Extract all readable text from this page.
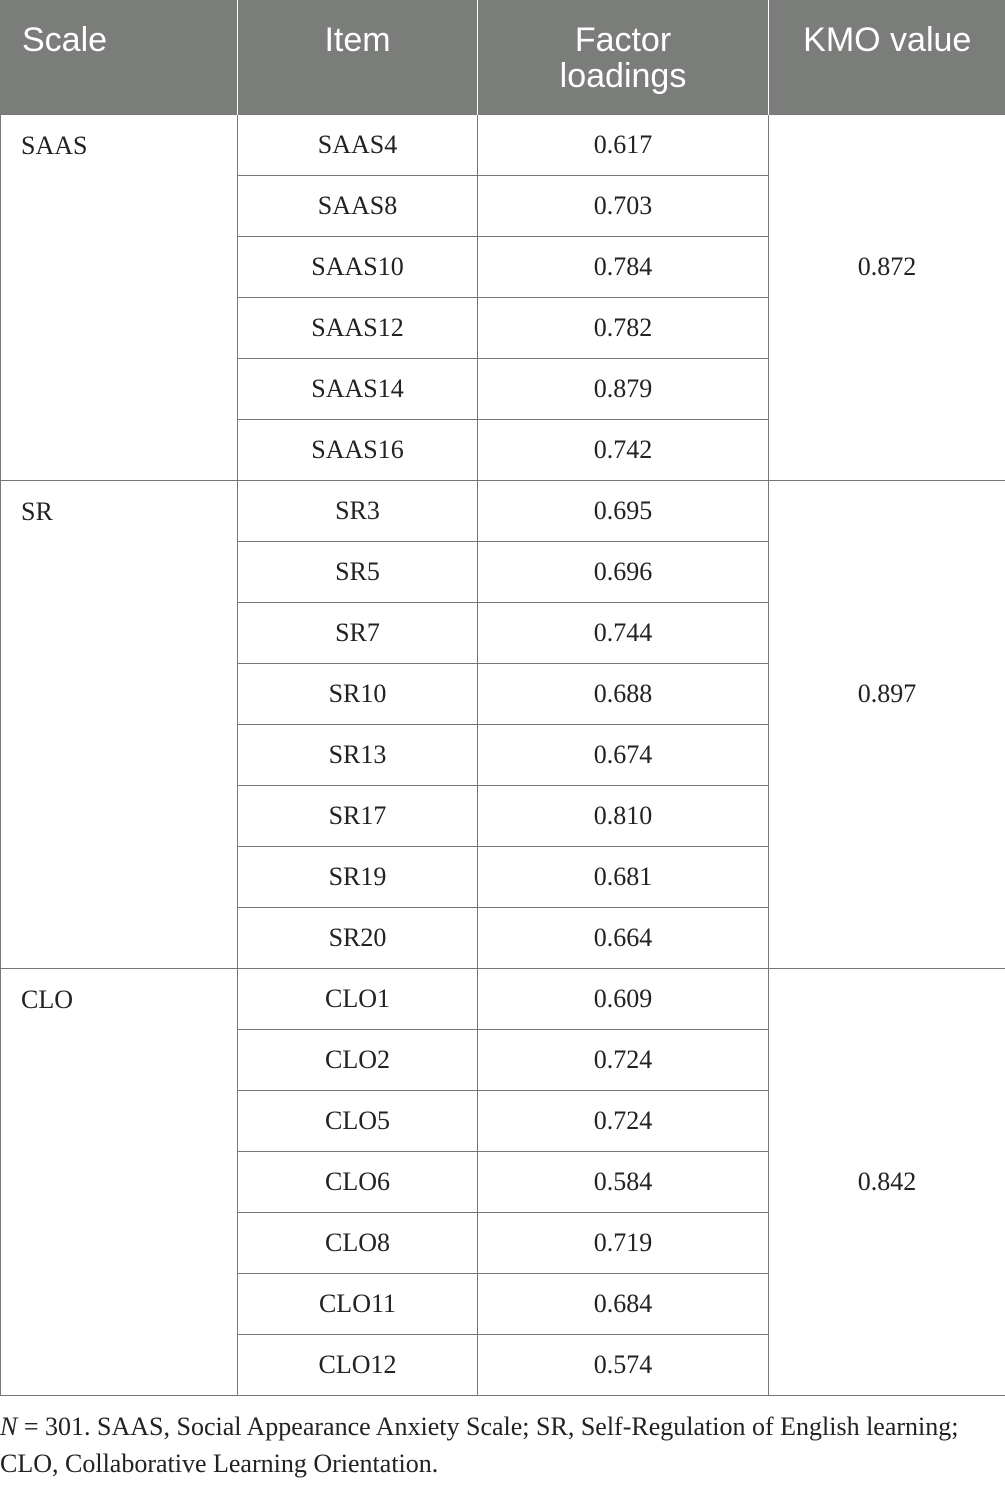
Scale	Item	Factor loadings	KMO value

SAAS	SAAS4	0.617	
	SAAS8	0.703	
	SAAS10	0.784	0.872
	SAAS12	0.782	
	SAAS14	0.879	
	SAAS16	0.742	
SR	SR3	0.695	
	SR5	0.696	
	SR7	0.744	
	SR10	0.688	0.897
	SR13	0.674	
	SR17	0.810	
	SR19	0.681	
	SR20	0.664	
CLO	CLO1	0.609	
	CLO2	0.724	
	CLO5	0.724	
	CLO6	0.584	0.842
	CLO8	0.719	
	CLO11	0.684	
	CLO12	0.574	

N = 301. SAAS, Social Appearance Anxiety Scale; SR, Self-Regulation of English learning; CLO, Collaborative Learning Orientation.
